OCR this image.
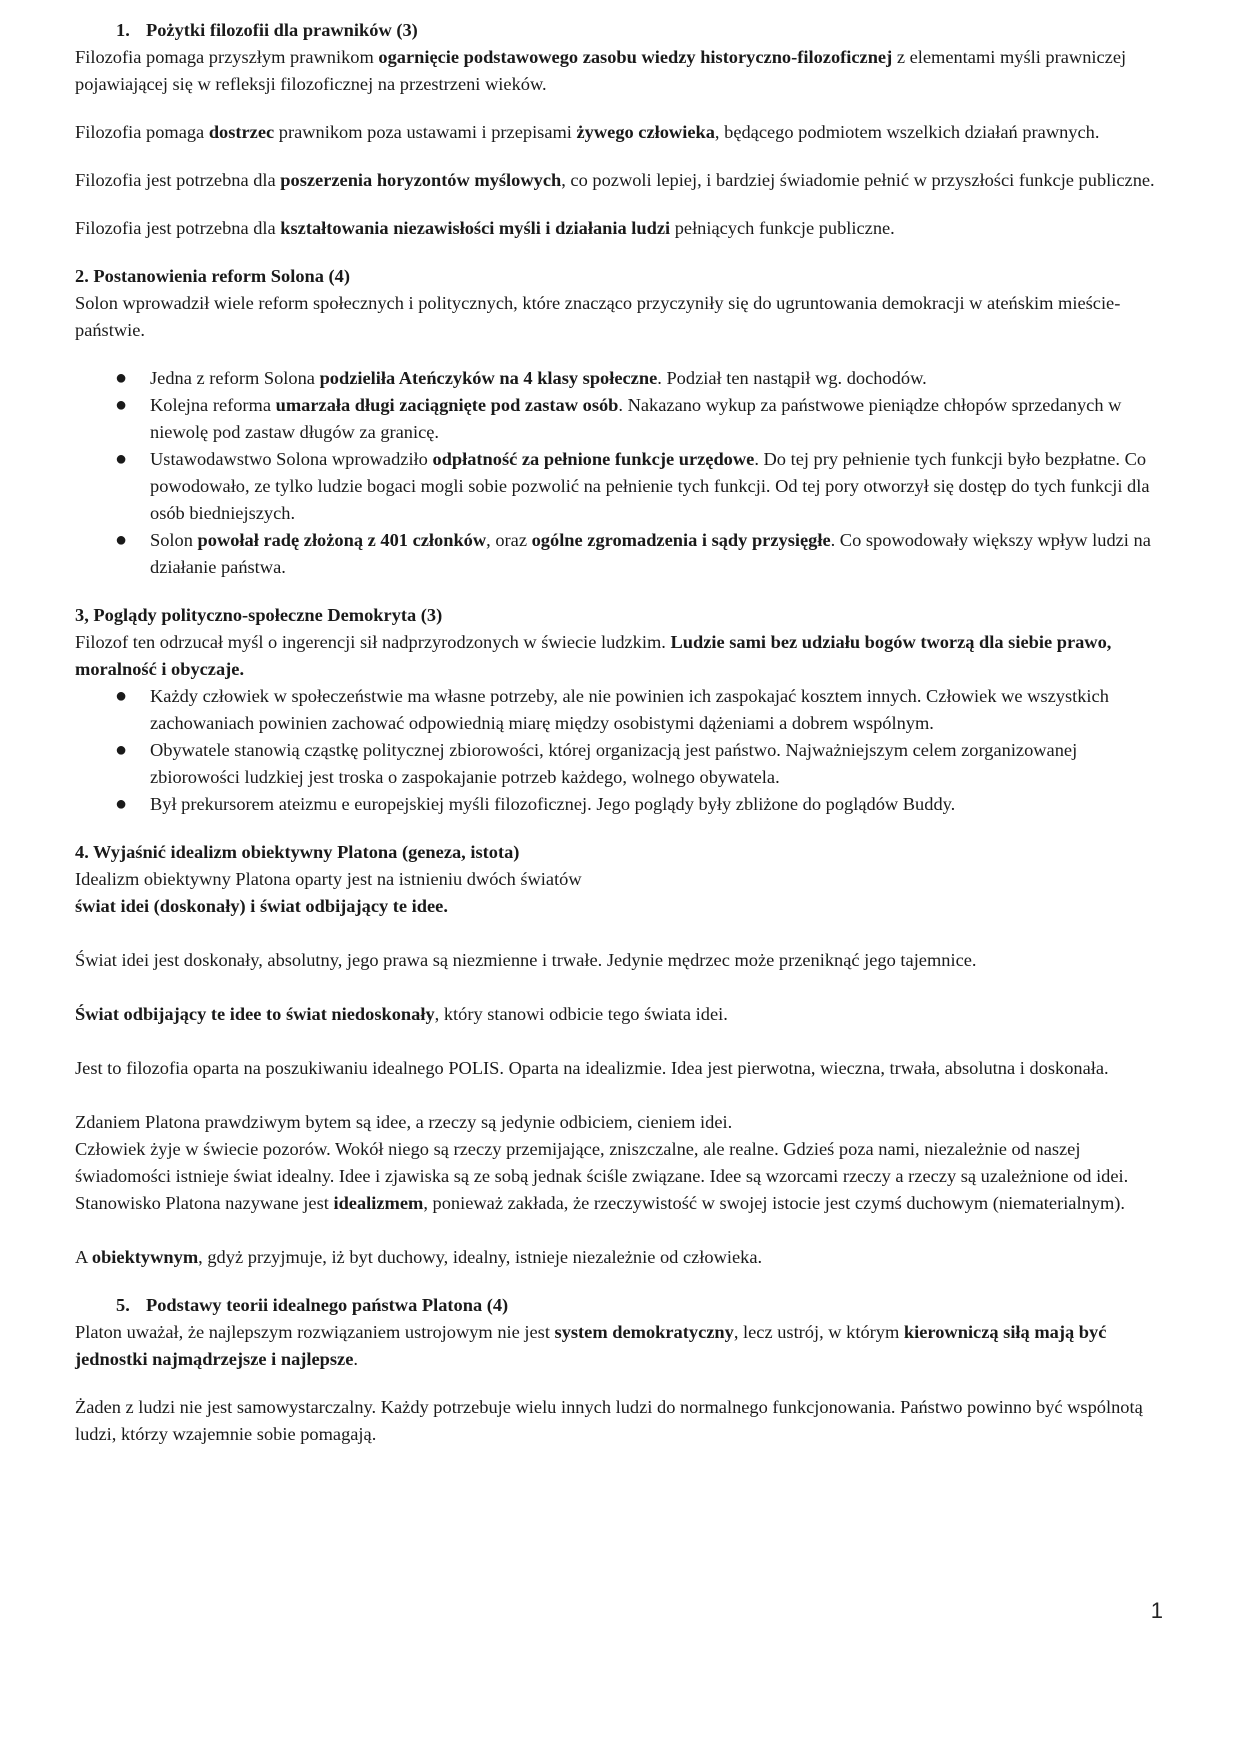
1. Pożytki filozofii dla prawników (3)

Filozofia pomaga przyszłym prawnikom ogarnięcie podstawowego zasobu wiedzy historyczno-filozoficznej z elementami myśli prawniczej pojawiającej się w refleksji filozoficznej na przestrzeni wieków.

Filozofia pomaga dostrzec prawnikom poza ustawami i przepisami żywego człowieka, będącego podmiotem wszelkich działań prawnych.

Filozofia jest potrzebna dla poszerzenia horyzontów myślowych, co pozwoli lepiej, i bardziej świadomie pełnić w przyszłości funkcje publiczne.

Filozofia jest potrzebna dla kształtowania niezawisłości myśli i działania ludzi pełniących funkcje publiczne.

2. Postanowienia reform Solona (4)

Solon wprowadził wiele reform społecznych i politycznych, które znacząco przyczyniły się do ugruntowania demokracji w ateńskim mieście-państwie.

● Jedna z reform Solona podzieliła Ateńczyków na 4 klasy społeczne. Podział ten nastąpił wg. dochodów.
● Kolejna reforma umarzała długi zaciągnięte pod zastaw osób. Nakazano wykup za państwowe pieniądze chłopów sprzedanych w niewolę pod zastaw długów za granicę.
● Ustawodawstwo Solona wprowadziło odpłatność za pełnione funkcje urzędowe. Do tej pry pełnienie tych funkcji było bezpłatne. Co powodowało, ze tylko ludzie bogaci mogli sobie pozwolić na pełnienie tych funkcji. Od tej pory otworzył się dostęp do tych funkcji dla osób biedniejszych.
● Solon powołał radę złożoną z 401 członków, oraz ogólne zgromadzenia i sądy przysięgłe. Co spowodowały większy wpływ ludzi na działanie państwa.

3, Poglądy polityczno-społeczne Demokryta (3)

Filozof ten odrzucał myśl o ingerencji sił nadprzyrodzonych w świecie ludzkim. Ludzie sami bez udziału bogów tworzą dla siebie prawo, moralność i obyczaje.

● Każdy człowiek w społeczeństwie ma własne potrzeby, ale nie powinien ich zaspokajać kosztem innych. Człowiek we wszystkich zachowaniach powinien zachować odpowiednią miarę między osobistymi dążeniami a dobrem wspólnym.
● Obywatele stanowią cząstkę politycznej zbiorowości, której organizacją jest państwo. Najważniejszym celem zorganizowanej zbiorowości ludzkiej jest troska o zaspokajanie potrzeb każdego, wolnego obywatela.
● Był prekursorem ateizmu e europejskiej myśli filozoficznej. Jego poglądy były zbliżone do poglądów Buddy.

4. Wyjaśnić idealizm obiektywny Platona (geneza, istota)

Idealizm obiektywny Platona oparty jest na istnieniu dwóch światów

świat idei (doskonały) i świat odbijający te idee.

Świat idei jest doskonały, absolutny, jego prawa są niezmienne i trwałe. Jedynie mędrzec może przeniknąć jego tajemnice.

Świat odbijający te idee to świat niedoskonały, który stanowi odbicie tego świata idei.

Jest to filozofia oparta na poszukiwaniu idealnego POLIS. Oparta na idealizmie. Idea jest pierwotna, wieczna, trwała, absolutna i doskonała.

Zdaniem Platona prawdziwym bytem są idee, a rzeczy są jedynie odbiciem, cieniem idei.

Człowiek żyje w świecie pozorów. Wokół niego są rzeczy przemijające, zniszczalne, ale realne. Gdzieś poza nami, niezależnie od naszej świadomości istnieje świat idealny. Idee i zjawiska są ze sobą jednak ściśle związane. Idee są wzorcami rzeczy a rzeczy są uzależnione od idei. Stanowisko Platona nazywane jest idealizmem, ponieważ zakłada, że rzeczywistość w swojej istocie jest czymś duchowym (niematerialnym).

A obiektywnym, gdyż przyjmuje, iż byt duchowy, idealny, istnieje niezależnie od człowieka.

5. Podstawy teorii idealnego państwa Platona (4)

Platon uważał, że najlepszym rozwiązaniem ustrojowym nie jest system demokratyczny, lecz ustrój, w którym kierowniczą siłą mają być jednostki najmądrzejsze i najlepsze.

Żaden z ludzi nie jest samowystarczalny. Każdy potrzebuje wielu innych ludzi do normalnego funkcjonowania. Państwo powinno być wspólnotą ludzi, którzy wzajemnie sobie pomagają.

1
